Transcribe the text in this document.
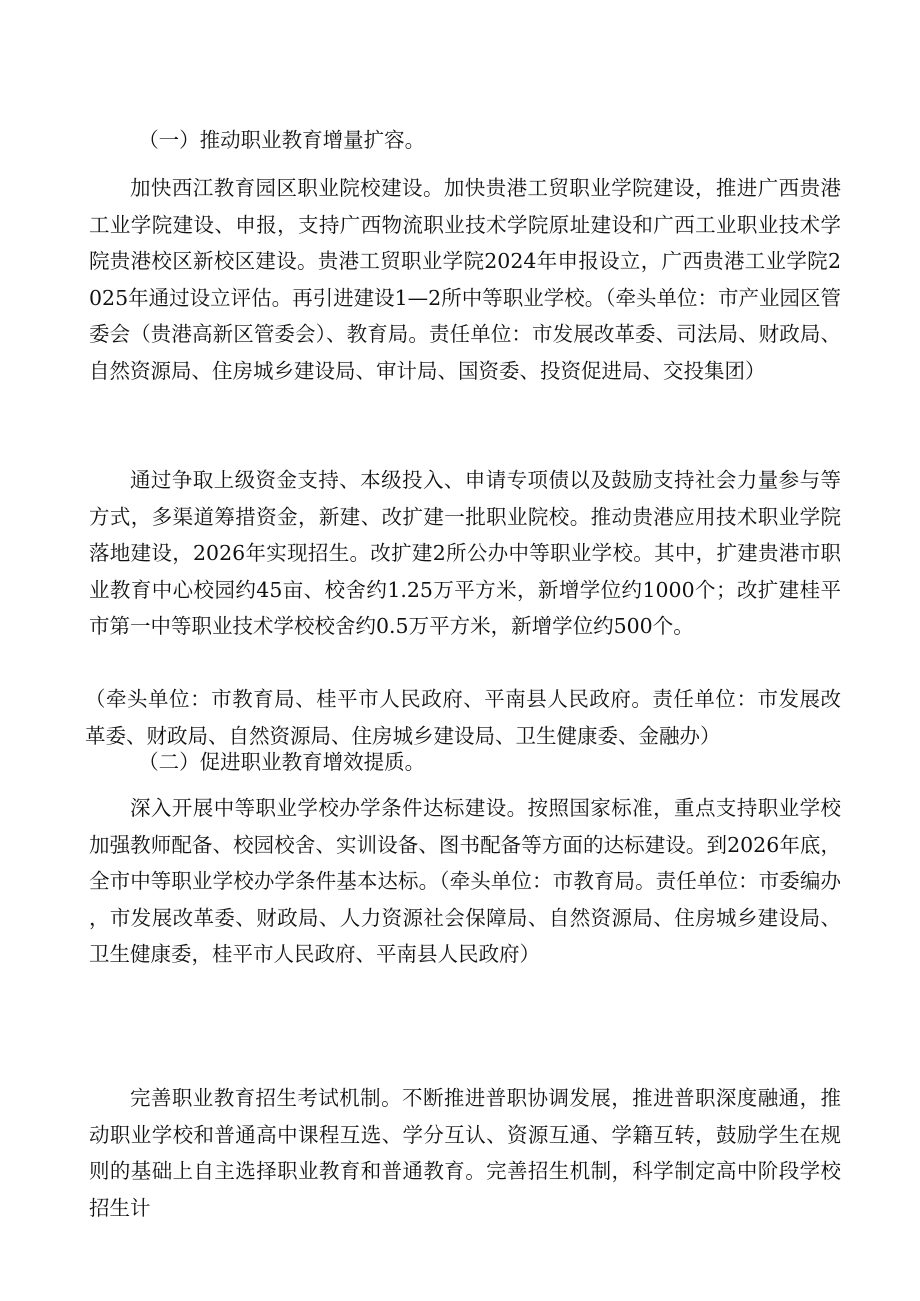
（一）推动职业教育增量扩容。

加快西江教育园区职业院校建设。加快贵港工贸职业学院建设，推进广西贵港工业学院建设、申报，支持广西物流职业技术学院原址建设和广西工业职业技术学院贵港校区新校区建设。贵港工贸职业学院2024年申报设立，广西贵港工业学院2025年通过设立评估。再引进建设1—2所中等职业学校。（牵头单位：市产业园区管委会（贵港高新区管委会）、教育局。责任单位：市发展改革委、司法局、财政局、自然资源局、住房城乡建设局、审计局、国资委、投资促进局、交投集团）

通过争取上级资金支持、本级投入、申请专项债以及鼓励支持社会力量参与等方式，多渠道筹措资金，新建、改扩建一批职业院校。推动贵港应用技术职业学院落地建设，2026年实现招生。改扩建2所公办中等职业学校。其中，扩建贵港市职业教育中心校园约45亩、校舍约1.25万平方米，新增学位约1000个；改扩建桂平市第一中等职业技术学校校舍约0.5万平方米，新增学位约500个。

（牵头单位：市教育局、桂平市人民政府、平南县人民政府。责任单位：市发展改革委、财政局、自然资源局、住房城乡建设局、卫生健康委、金融办）

（二）促进职业教育增效提质。

深入开展中等职业学校办学条件达标建设。按照国家标准，重点支持职业学校加强教师配备、校园校舍、实训设备、图书配备等方面的达标建设。到2026年底，全市中等职业学校办学条件基本达标。（牵头单位：市教育局。责任单位：市委编办，市发展改革委、财政局、人力资源社会保障局、自然资源局、住房城乡建设局、卫生健康委，桂平市人民政府、平南县人民政府）

完善职业教育招生考试机制。不断推进普职协调发展，推进普职深度融通，推动职业学校和普通高中课程互选、学分互认、资源互通、学籍互转，鼓励学生在规则的基础上自主选择职业教育和普通教育。完善招生机制，科学制定高中阶段学校招生计
